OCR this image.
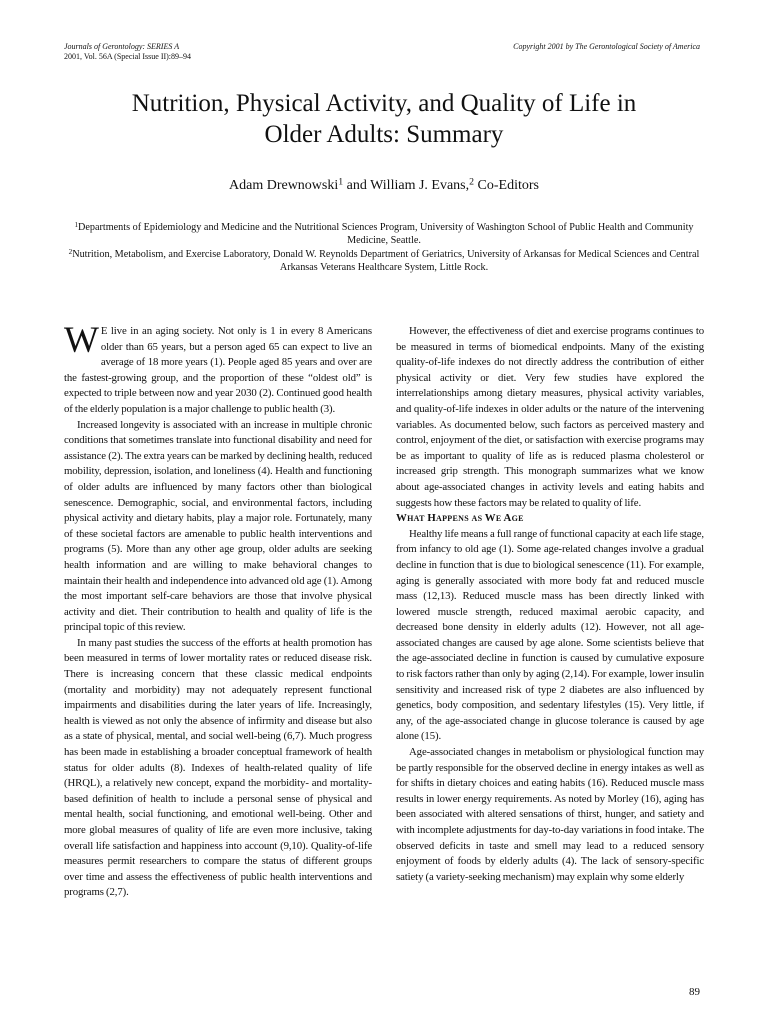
Journals of Gerontology: SERIES A
2001, Vol. 56A (Special Issue II):89–94
Copyright 2001 by The Gerontological Society of America
Nutrition, Physical Activity, and Quality of Life in
Older Adults: Summary
Adam Drewnowski$^1$ and William J. Evans,$^2$ Co-Editors
$^1$Departments of Epidemiology and Medicine and the Nutritional Sciences Program, University of Washington School of Public Health and Community Medicine, Seattle.
$^2$Nutrition, Metabolism, and Exercise Laboratory, Donald W. Reynolds Department of Geriatrics, University of Arkansas for Medical Sciences and Central Arkansas Veterans Healthcare System, Little Rock.

W E live in an aging society. Not only is 1 in every 8 Americans older than 65 years, but a person aged 65 can expect to live an average of 18 more years (1). People aged 85 years and over are the fastest-growing group, and the proportion of these “oldest old” is expected to triple between now and year 2030 (2). Continued good health of the elderly population is a major challenge to public health (3).

Increased longevity is associated with an increase in multiple chronic conditions that sometimes translate into functional disability and need for assistance (2). The extra years can be marked by declining health, reduced mobility, depression, isolation, and loneliness (4). Health and functioning of older adults are influenced by many factors other than biological senescence. Demographic, social, and environmental factors, including physical activity and dietary habits, play a major role. Fortunately, many of these societal factors are amenable to public health interventions and programs (5). More than any other age group, older adults are seeking health information and are willing to make behavioral changes to maintain their health and independence into advanced old age (1). Among the most important self-care behaviors are those that involve physical activity and diet. Their contribution to health and quality of life is the principal topic of this review.

In many past studies the success of the efforts at health promotion has been measured in terms of lower mortality rates or reduced disease risk. There is increasing concern that these classic medical endpoints (mortality and morbidity) may not adequately represent functional impairments and disabilities during the later years of life. Increasingly, health is viewed as not only the absence of infirmity and disease but also as a state of physical, mental, and social well-being (6,7). Much progress has been made in establishing a broader conceptual framework of health status for older adults (8). Indexes of health-related quality of life (HRQL), a relatively new concept, expand the morbidity- and mortality-based definition of health to include a personal sense of physical and mental health, social functioning, and emotional well-being. Other and more global measures of quality of life are even more inclusive, taking overall life satisfaction and happiness into account (9,10). Quality-of-life measures permit researchers to compare the status of different groups over time and assess the effectiveness of public health interventions and programs (2,7).

However, the effectiveness of diet and exercise programs continues to be measured in terms of biomedical endpoints. Many of the existing quality-of-life indexes do not directly address the contribution of either physical activity or diet. Very few studies have explored the interrelationships among dietary measures, physical activity variables, and quality-of-life indexes in older adults or the nature of the intervening variables. As documented below, such factors as perceived mastery and control, enjoyment of the diet, or satisfaction with exercise programs may be as important to quality of life as is reduced plasma cholesterol or increased grip strength. This monograph summarizes what we know about age-associated changes in activity levels and eating habits and suggests how these factors may be related to quality of life.

What Happens as We Age

Healthy life means a full range of functional capacity at each life stage, from infancy to old age (1). Some age-related changes involve a gradual decline in function that is due to biological senescence (11). For example, aging is generally associated with more body fat and reduced muscle mass (12,13). Reduced muscle mass has been directly linked with lowered muscle strength, reduced maximal aerobic capacity, and decreased bone density in elderly adults (12). However, not all age-associated changes are caused by age alone. Some scientists believe that the age-associated decline in function is caused by cumulative exposure to risk factors rather than only by aging (2,14). For example, lower insulin sensitivity and increased risk of type 2 diabetes are also influenced by genetics, body composition, and sedentary lifestyles (15). Very little, if any, of the age-associated change in glucose tolerance is caused by age alone (15).

Age-associated changes in metabolism or physiological function may be partly responsible for the observed decline in energy intakes as well as for shifts in dietary choices and eating habits (16). Reduced muscle mass results in lower energy requirements. As noted by Morley (16), aging has been associated with altered sensations of thirst, hunger, and satiety and with incomplete adjustments for day-to-day variations in food intake. The observed deficits in taste and smell may lead to a reduced sensory enjoyment of foods by elderly adults (4). The lack of sensory-specific satiety (a variety-seeking mechanism) may explain why some elderly

89
